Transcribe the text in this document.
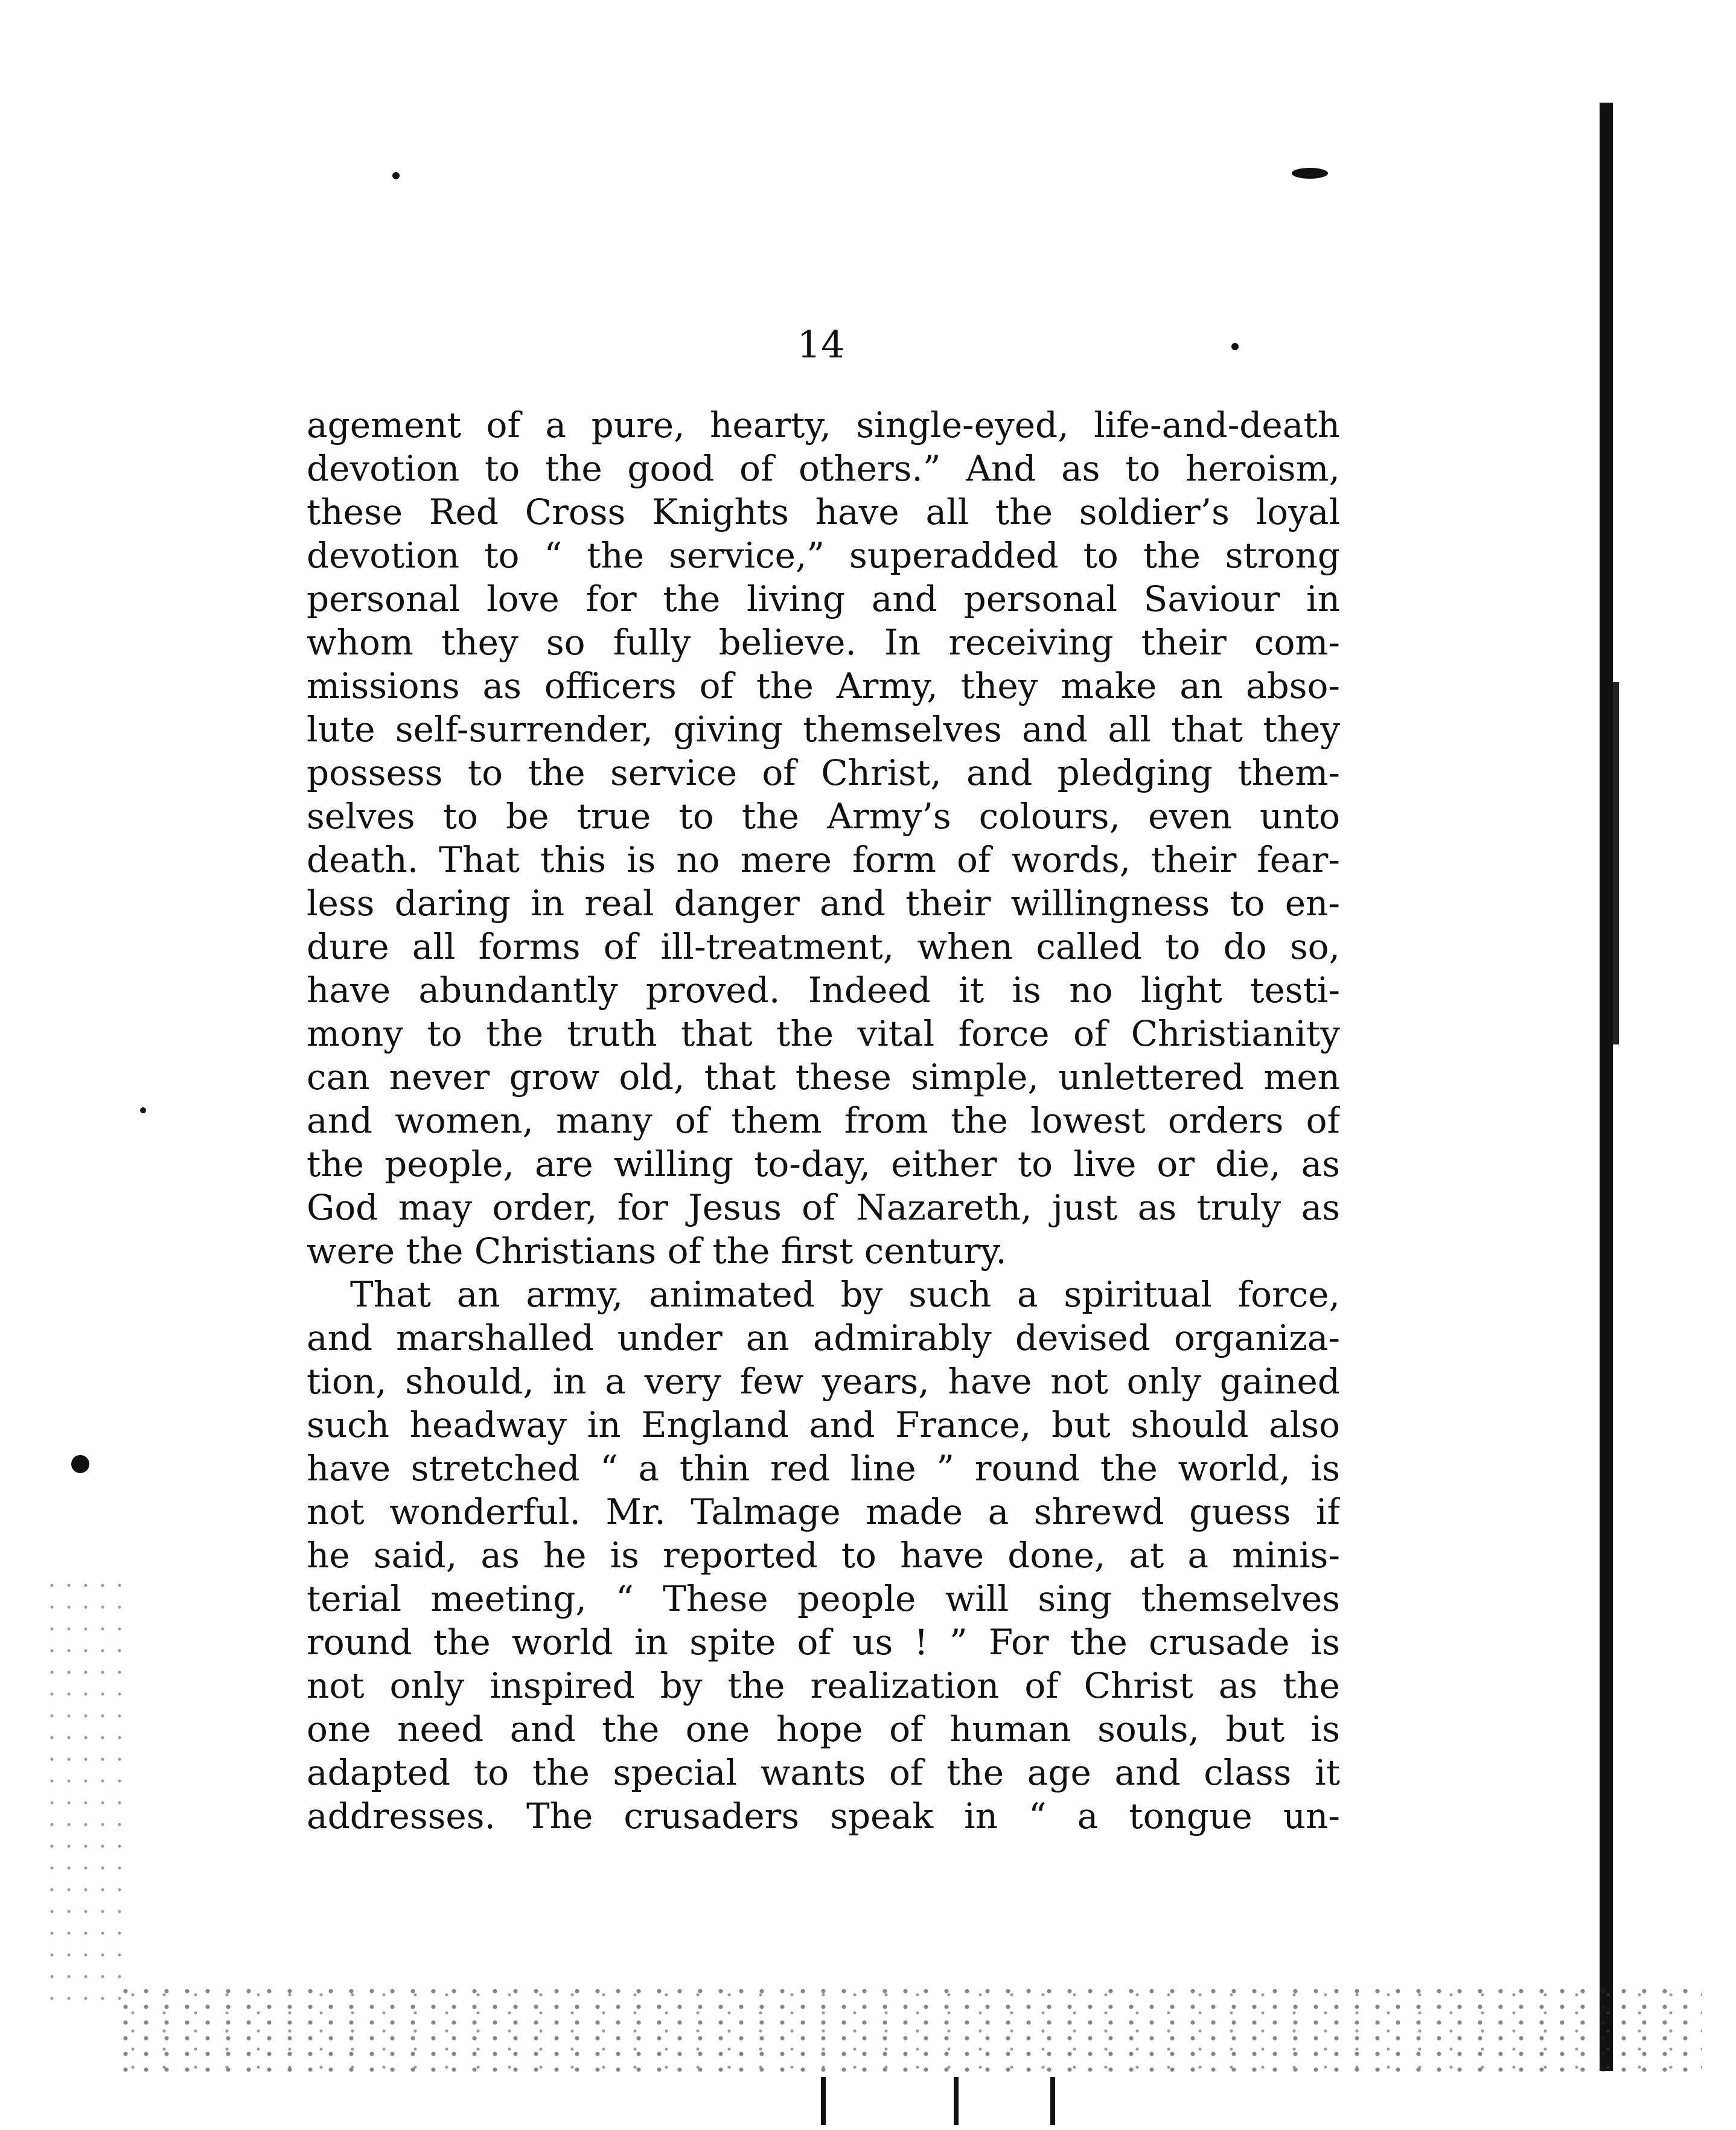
14
agement of a pure, hearty, single-eyed, life-and-death
devotion to the good of others.” And as to heroism,
these Red Cross Knights have all the soldier’s loyal
devotion to “ the service,” superadded to the strong
personal love for the living and personal Saviour in
whom they so fully believe. In receiving their com-
missions as officers of the Army, they make an abso-
lute self-surrender, giving themselves and all that they
possess to the service of Christ, and pledging them-
selves to be true to the Army’s colours, even unto
death. That this is no mere form of words, their fear-
less daring in real danger and their willingness to en-
dure all forms of ill-treatment, when called to do so,
have abundantly proved. Indeed it is no light testi-
mony to the truth that the vital force of Christianity
can never grow old, that these simple, unlettered men
and women, many of them from the lowest orders of
the people, are willing to-day, either to live or die, as
God may order, for Jesus of Nazareth, just as truly as
were the Christians of the first century.
That an army, animated by such a spiritual force,
and marshalled under an admirably devised organiza-
tion, should, in a very few years, have not only gained
such headway in England and France, but should also
have stretched “ a thin red line ” round the world, is
not wonderful. Mr. Talmage made a shrewd guess if
he said, as he is reported to have done, at a minis-
terial meeting, “ These people will sing themselves
round the world in spite of us ! ” For the crusade is
not only inspired by the realization of Christ as the
one need and the one hope of human souls, but is
adapted to the special wants of the age and class it
addresses. The crusaders speak in “ a tongue un-
